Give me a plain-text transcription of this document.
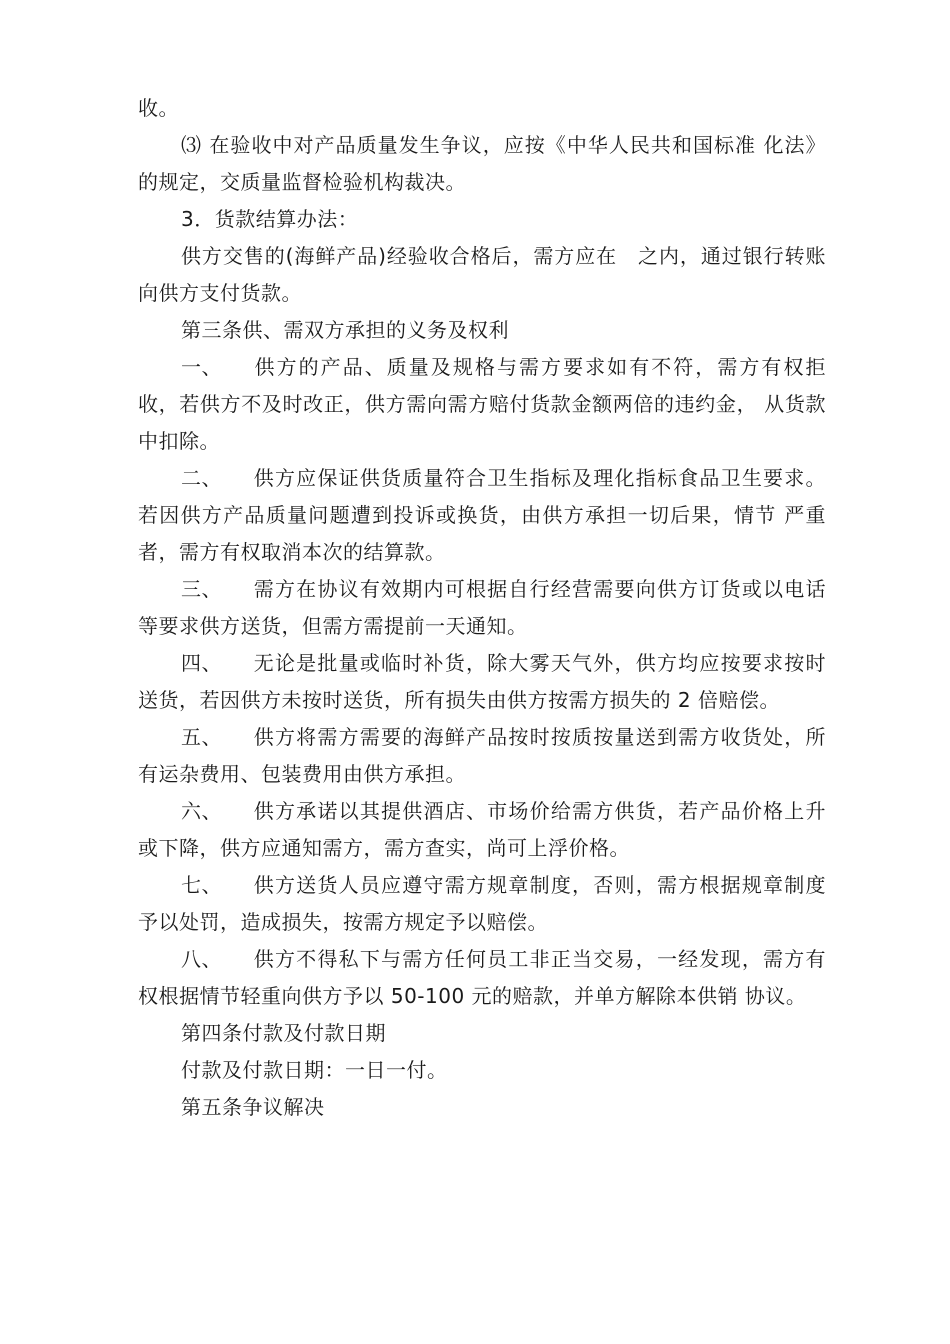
收。

⑶ 在验收中对产品质量发生争议，应按《中华人民共和国标准 化法》的规定，交质量监督检验机构裁决。

3．货款结算办法：

供方交售的(海鲜产品)经验收合格后，需方应在　之内，通过银行转账向供方支付货款。

第三条供、需双方承担的义务及权利

一、 供方的产品、质量及规格与需方要求如有不符，需方有权拒收，若供方不及时改正，供方需向需方赔付货款金额两倍的违约金， 从货款中扣除。

二、 供方应保证供货质量符合卫生指标及理化指标食品卫生要求。 若因供方产品质量问题遭到投诉或换货，由供方承担一切后果，情节 严重者，需方有权取消本次的结算款。

三、 需方在协议有效期内可根据自行经营需要向供方订货或以电话等要求供方送货，但需方需提前一天通知。

四、 无论是批量或临时补货，除大雾天气外，供方均应按要求按时送货，若因供方未按时送货，所有损失由供方按需方损失的 2 倍赔偿。

五、 供方将需方需要的海鲜产品按时按质按量送到需方收货处，所有运杂费用、包装费用由供方承担。

六、 供方承诺以其提供酒店、市场价给需方供货，若产品价格上升或下降，供方应通知需方，需方查实，尚可上浮价格。

七、 供方送货人员应遵守需方规章制度，否则，需方根据规章制度予以处罚，造成损失，按需方规定予以赔偿。

八、 供方不得私下与需方任何员工非正当交易，一经发现，需方有权根据情节轻重向供方予以 50-100 元的赔款，并单方解除本供销 协议。

第四条付款及付款日期

付款及付款日期：一日一付。

第五条争议解决
